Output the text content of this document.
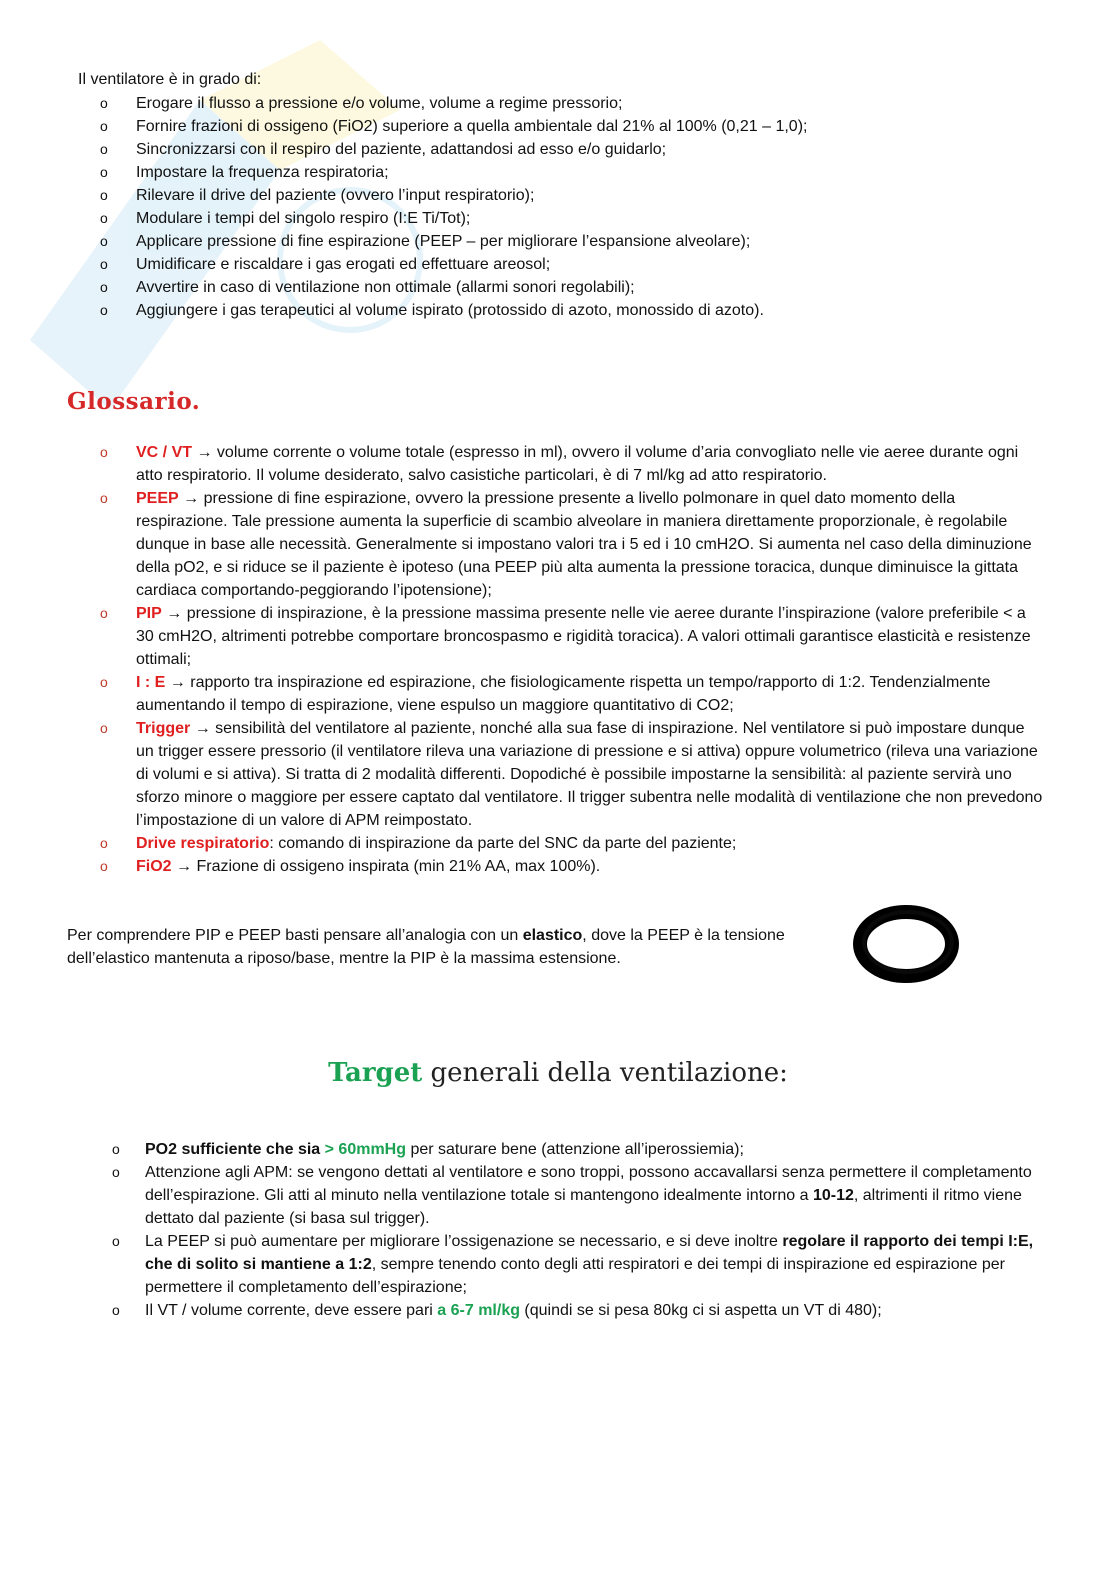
Il ventilatore è in grado di:
o Erogare il flusso a pressione e/o volume, volume a regime pressorio;
o Fornire frazioni di ossigeno (FiO2) superiore a quella ambientale dal 21% al 100% (0,21 – 1,0);
o Sincronizzarsi con il respiro del paziente, adattandosi ad esso e/o guidarlo;
o Impostare la frequenza respiratoria;
o Rilevare il drive del paziente (ovvero l’input respiratorio);
o Modulare i tempi del singolo respiro (I:E Ti/Tot);
o Applicare pressione di fine espirazione (PEEP – per migliorare l’espansione alveolare);
o Umidificare e riscaldare i gas erogati ed effettuare areosol;
o Avvertire in caso di ventilazione non ottimale (allarmi sonori regolabili);
o Aggiungere i gas terapeutici al volume ispirato (protossido di azoto, monossido di azoto).
Glossario.
o VC / VT → volume corrente o volume totale (espresso in ml), ovvero il volume d’aria convogliato nelle vie aeree durante ogni atto respiratorio. Il volume desiderato, salvo casistiche particolari, è di 7 ml/kg ad atto respiratorio.
o PEEP → pressione di fine espirazione, ovvero la pressione presente a livello polmonare in quel dato momento della respirazione. Tale pressione aumenta la superficie di scambio alveolare in maniera direttamente proporzionale, è regolabile dunque in base alle necessità. Generalmente si impostano valori tra i 5 ed i 10 cmH2O. Si aumenta nel caso della diminuzione della pO2, e si riduce se il paziente è ipoteso (una PEEP più alta aumenta la pressione toracica, dunque diminuisce la gittata cardiaca comportando-peggiorando l’ipotensione);
o PIP → pressione di inspirazione, è la pressione massima presente nelle vie aeree durante l’inspirazione (valore preferibile < a 30 cmH2O, altrimenti potrebbe comportare broncospasmo e rigidità toracica). A valori ottimali garantisce elasticità e resistenze ottimali;
o I : E → rapporto tra inspirazione ed espirazione, che fisiologicamente rispetta un tempo/rapporto di 1:2. Tendenzialmente aumentando il tempo di espirazione, viene espulso un maggiore quantitativo di CO2;
o Trigger → sensibilità del ventilatore al paziente, nonché alla sua fase di inspirazione. Nel ventilatore si può impostare dunque un trigger essere pressorio (il ventilatore rileva una variazione di pressione e si attiva) oppure volumetrico (rileva una variazione di volumi e si attiva). Si tratta di 2 modalità differenti. Dopodiché è possibile impostarne la sensibilità: al paziente servirà uno sforzo minore o maggiore per essere captato dal ventilatore. Il trigger subentra nelle modalità di ventilazione che non prevedono l’impostazione di un valore di APM reimpostato.
o Drive respiratorio: comando di inspirazione da parte del SNC da parte del paziente;
o FiO2 → Frazione di ossigeno inspirata (min 21% AA, max 100%).
Per comprendere PIP e PEEP basti pensare all’analogia con un elastico, dove la PEEP è la tensione dell’elastico mantenuta a riposo/base, mentre la PIP è la massima estensione.
Target generali della ventilazione:
o PO2 sufficiente che sia > 60mmHg per saturare bene (attenzione all’iperossiemia);
o Attenzione agli APM: se vengono dettati al ventilatore e sono troppi, possono accavallarsi senza permettere il completamento dell’espirazione. Gli atti al minuto nella ventilazione totale si mantengono idealmente intorno a 10-12, altrimenti il ritmo viene dettato dal paziente (si basa sul trigger).
o La PEEP si può aumentare per migliorare l’ossigenazione se necessario, e si deve inoltre regolare il rapporto dei tempi I:E, che di solito si mantiene a 1:2, sempre tenendo conto degli atti respiratori e dei tempi di inspirazione ed espirazione per permettere il completamento dell’espirazione;
o Il VT / volume corrente, deve essere pari a 6-7 ml/kg (quindi se si pesa 80kg ci si aspetta un VT di 480);
